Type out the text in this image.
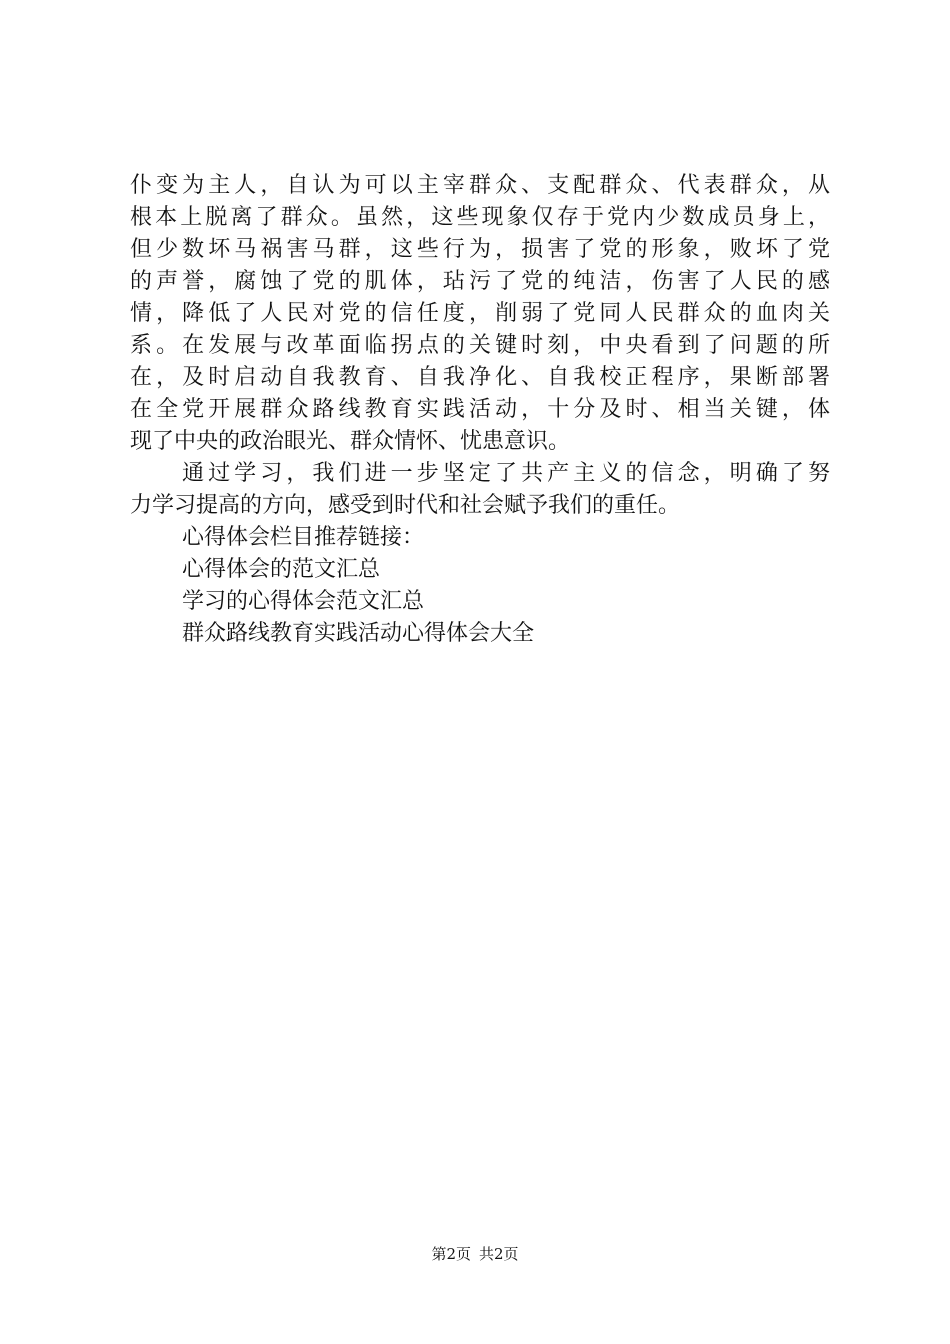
仆变为主人，自认为可以主宰群众、支配群众、代表群众，从
根本上脱离了群众。虽然，这些现象仅存于党内少数成员身上，
但少数坏马祸害马群，这些行为，损害了党的形象，败坏了党
的声誉，腐蚀了党的肌体，玷污了党的纯洁，伤害了人民的感
情，降低了人民对党的信任度，削弱了党同人民群众的血肉关
系。在发展与改革面临拐点的关键时刻，中央看到了问题的所
在，及时启动自我教育、自我净化、自我校正程序，果断部署
在全党开展群众路线教育实践活动，十分及时、相当关键，体
现了中央的政治眼光、群众情怀、忧患意识。
通过学习，我们进一步坚定了共产主义的信念，明确了努
力学习提高的方向，感受到时代和社会赋予我们的重任。
心得体会栏目推荐链接：
心得体会的范文汇总
学习的心得体会范文汇总
群众路线教育实践活动心得体会大全
第2页 共2页
